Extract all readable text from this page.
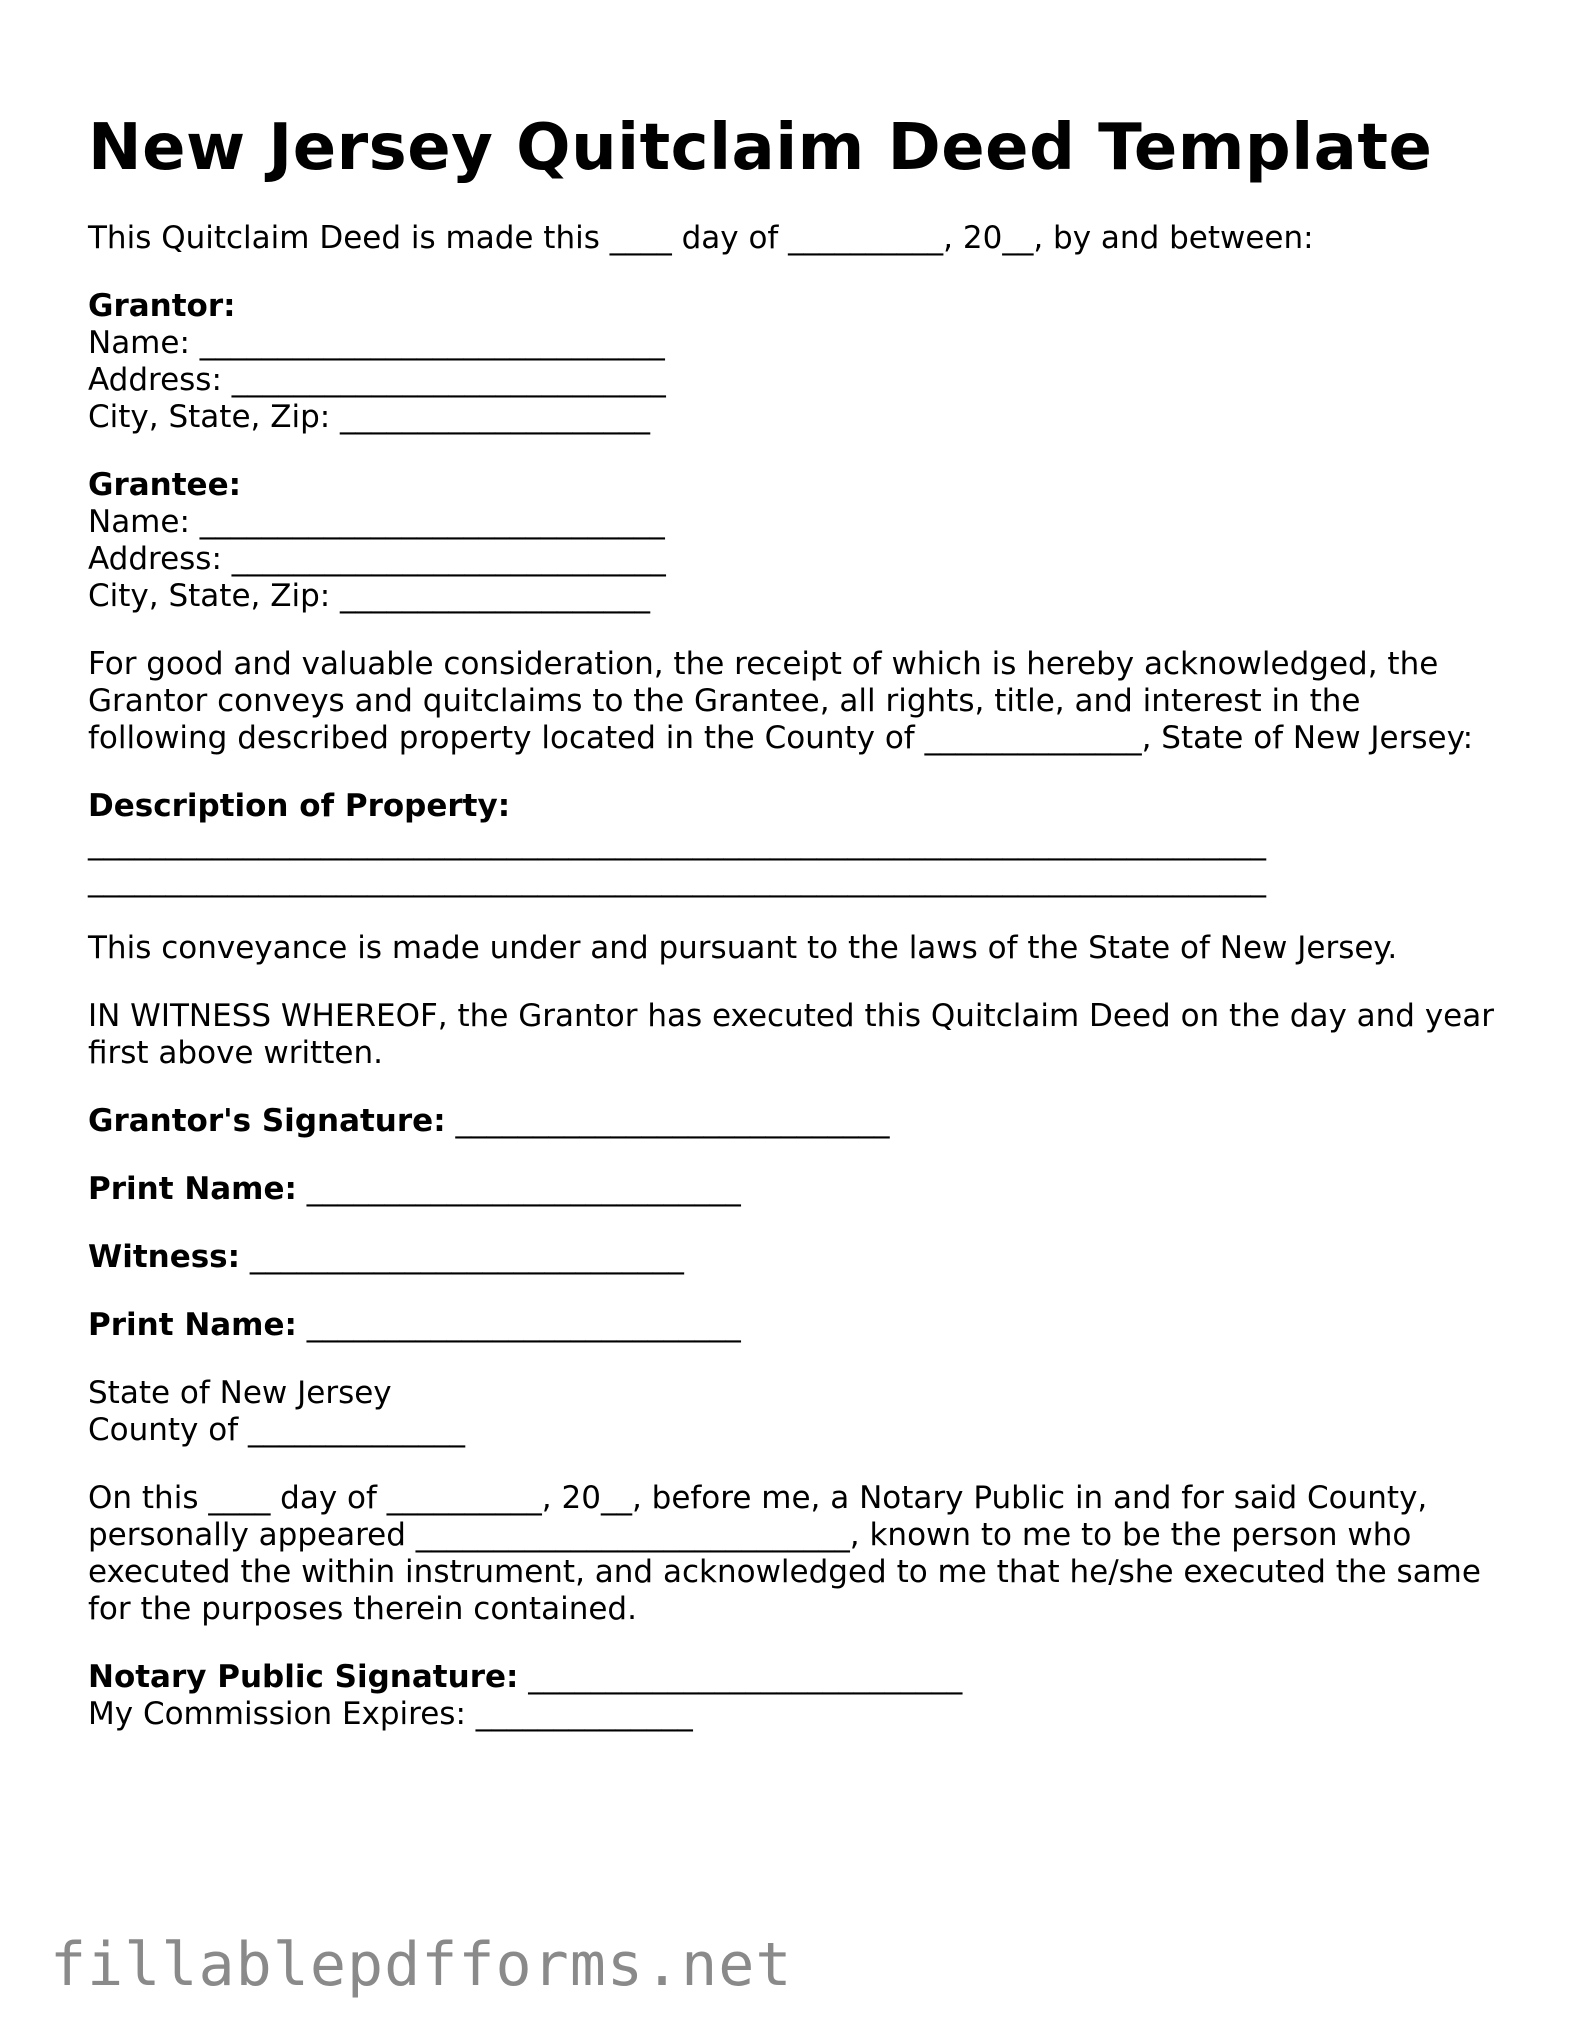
New Jersey Quitclaim Deed Template

This Quitclaim Deed is made this ____ day of __________, 20__, by and between:

Grantor:

Name: ______________________________

Address: ____________________________

City, State, Zip: ____________________

Grantee:

Name: ______________________________

Address: ____________________________

City, State, Zip: ____________________

For good and valuable consideration, the receipt of which is hereby acknowledged, the Grantor conveys and quitclaims to the Grantee, all rights, title, and interest in the following described property located in the County of ______________, State of New Jersey:

Description of Property:

____________________________________________________________________________

____________________________________________________________________________

This conveyance is made under and pursuant to the laws of the State of New Jersey.

IN WITNESS WHEREOF, the Grantor has executed this Quitclaim Deed on the day and year first above written.

Grantor's Signature: ____________________________

Print Name: ____________________________

Witness: ____________________________

Print Name: ____________________________

State of New Jersey

County of ______________

On this ____ day of __________, 20__, before me, a Notary Public in and for said County, personally appeared ____________________________, known to me to be the person who executed the within instrument, and acknowledged to me that he/she executed the same for the purposes therein contained.

Notary Public Signature: ____________________________

My Commission Expires: ______________

fillablepdfforms.net
